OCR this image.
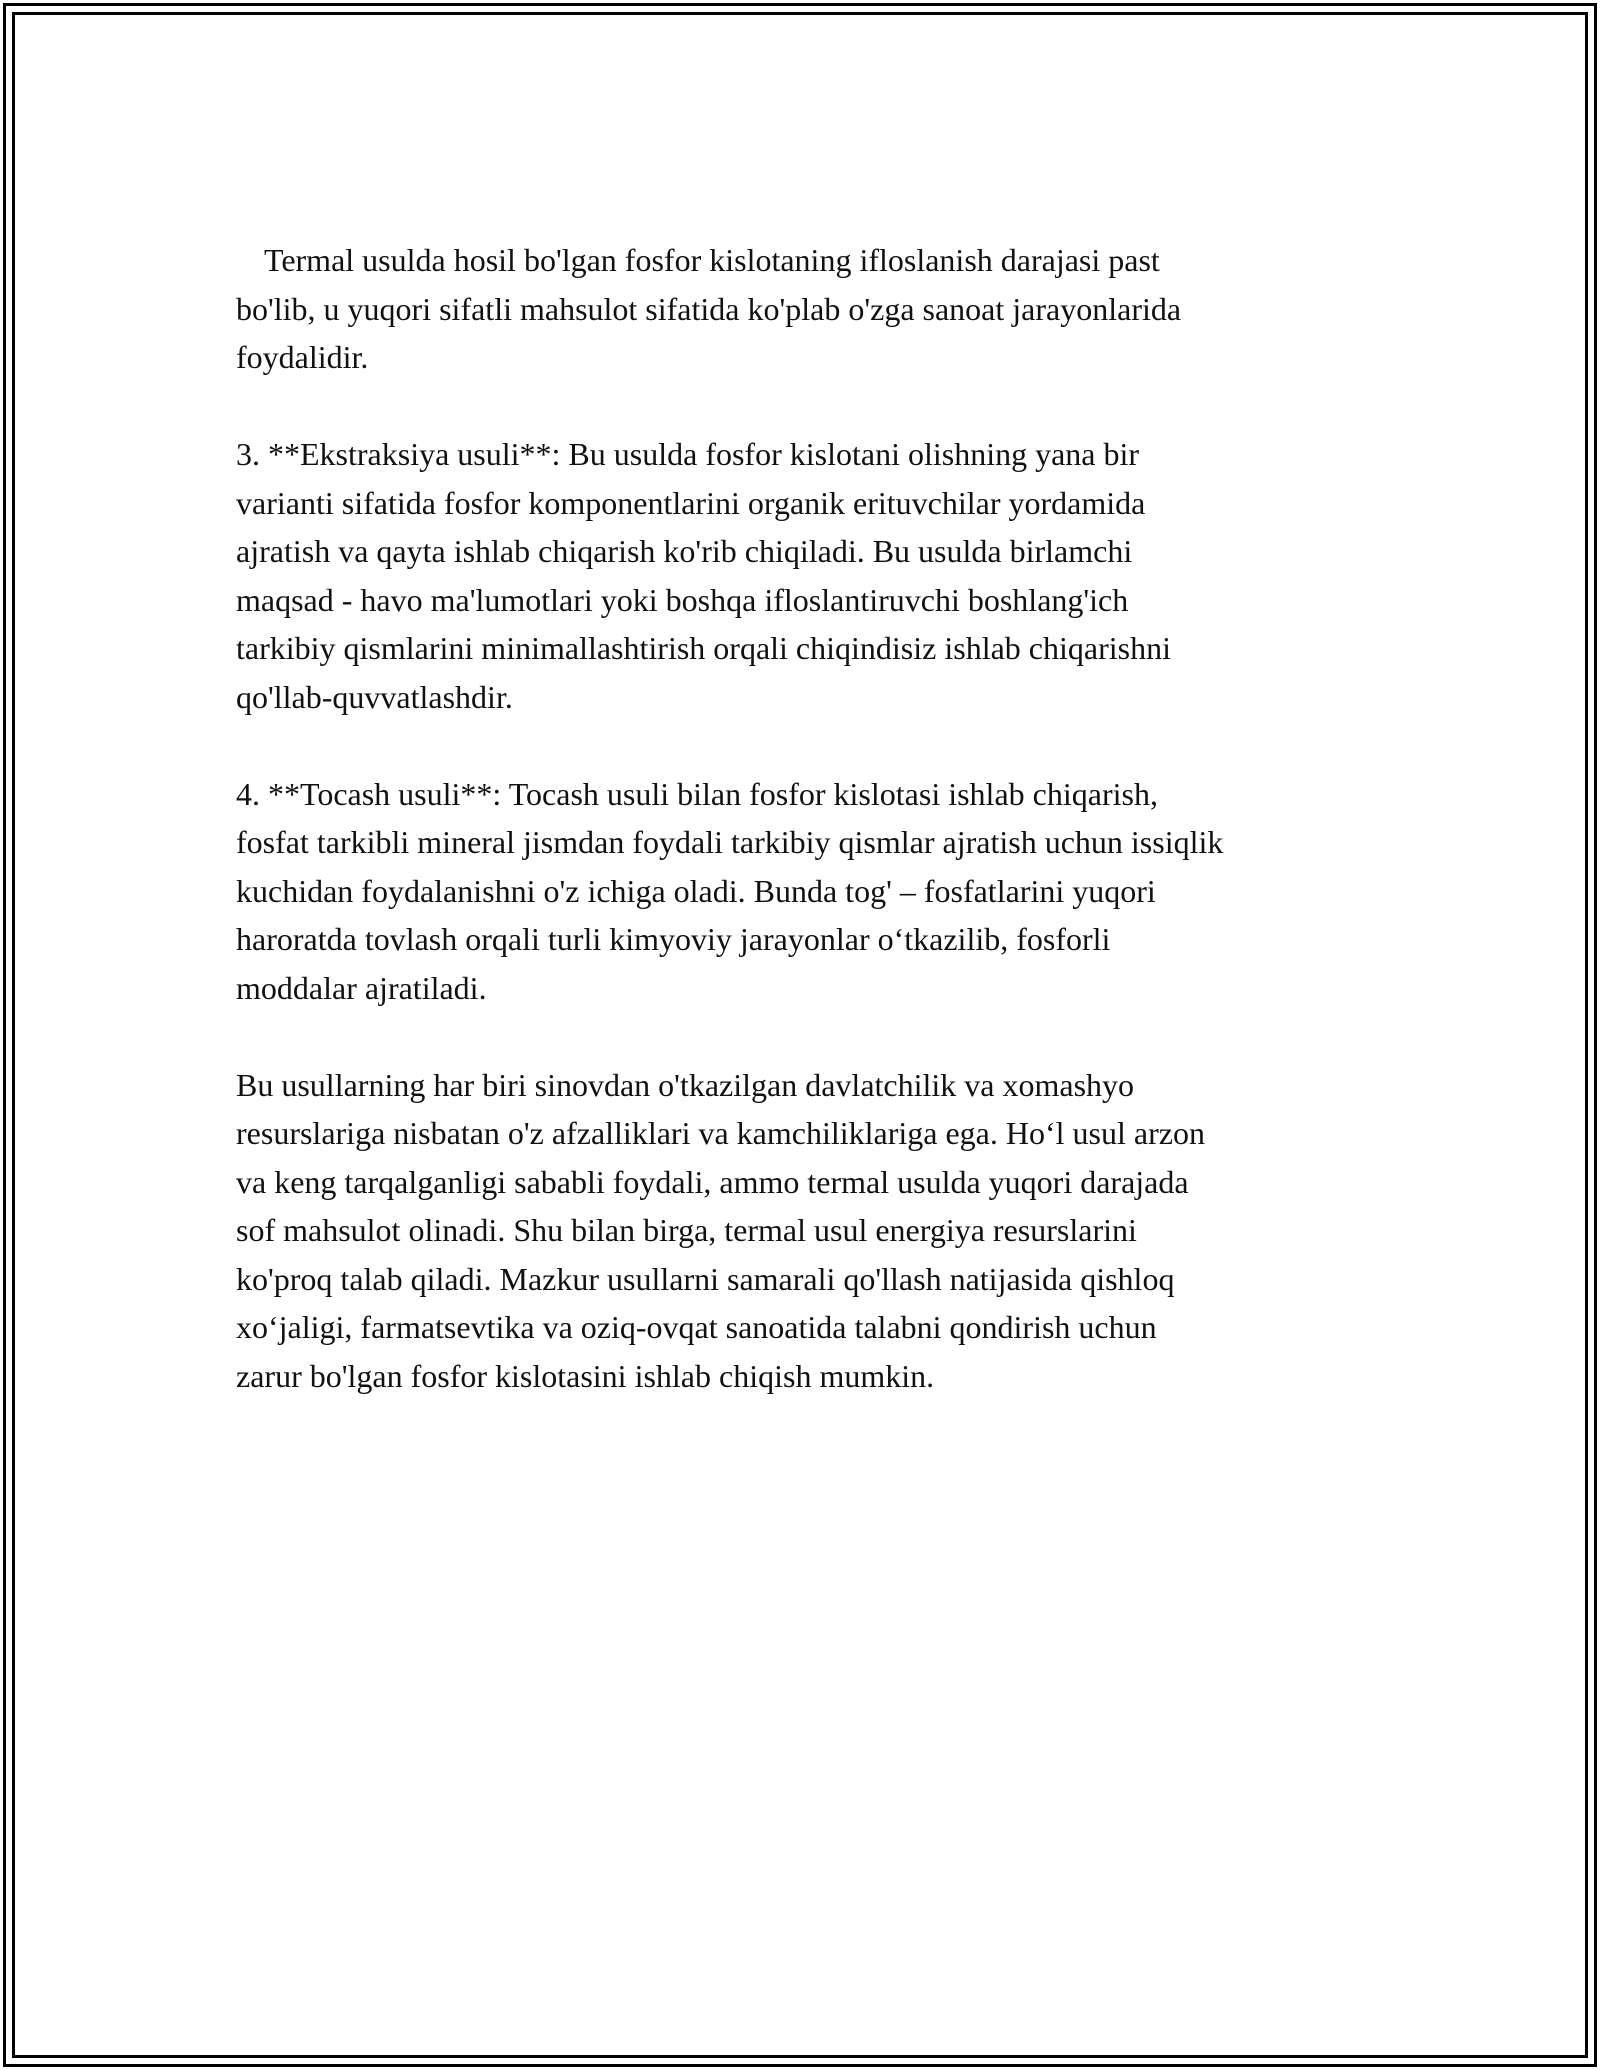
Termal usulda hosil bo'lgan fosfor kislotaning ifloslanish darajasi past
bo'lib, u yuqori sifatli mahsulot sifatida ko'plab o'zga sanoat jarayonlarida
foydalidir.
3. **Ekstraksiya usuli**: Bu usulda fosfor kislotani olishning yana bir
varianti sifatida fosfor komponentlarini organik erituvchilar yordamida
ajratish va qayta ishlab chiqarish ko'rib chiqiladi. Bu usulda birlamchi
maqsad - havo ma'lumotlari yoki boshqa ifloslantiruvchi boshlang'ich
tarkibiy qismlarini minimallashtirish orqali chiqindisiz ishlab chiqarishni
qo'llab-quvvatlashdir.
4. **Tocash usuli**: Tocash usuli bilan fosfor kislotasi ishlab chiqarish,
fosfat tarkibli mineral jismdan foydali tarkibiy qismlar ajratish uchun issiqlik
kuchidan foydalanishni o'z ichiga oladi. Bunda tog' – fosfatlarini yuqori
haroratda tovlash orqali turli kimyoviy jarayonlar o‘tkazilib, fosforli
moddalar ajratiladi.
Bu usullarning har biri sinovdan o'tkazilgan davlatchilik va xomashyo
resurslariga nisbatan o'z afzalliklari va kamchiliklariga ega. Ho‘l usul arzon
va keng tarqalganligi sababli foydali, ammo termal usulda yuqori darajada
sof mahsulot olinadi. Shu bilan birga, termal usul energiya resurslarini
ko'proq talab qiladi. Mazkur usullarni samarali qo'llash natijasida qishloq
xo‘jaligi, farmatsevtika va oziq-ovqat sanoatida talabni qondirish uchun
zarur bo'lgan fosfor kislotasini ishlab chiqish mumkin.
